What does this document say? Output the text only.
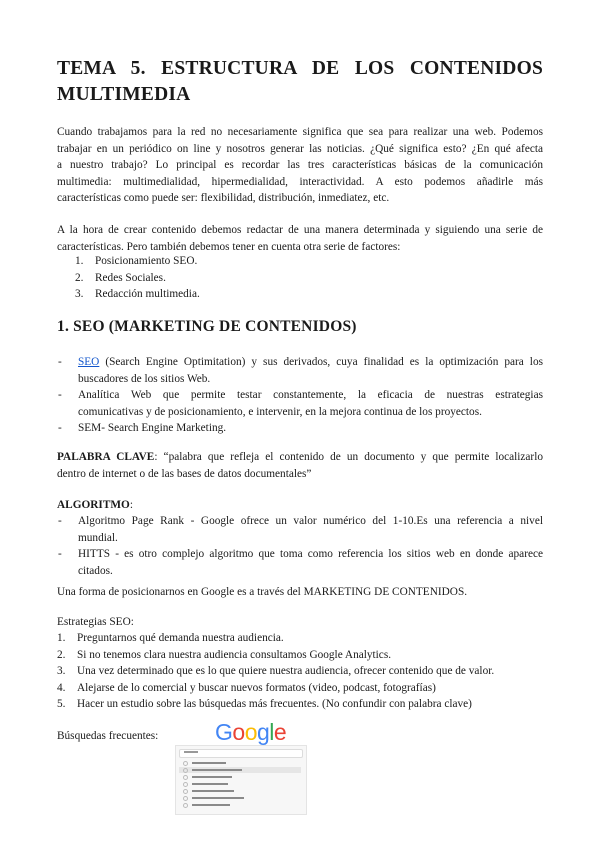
TEMA 5. ESTRUCTURA DE LOS CONTENIDOS
MULTIMEDIA
Cuando trabajamos para la red no necesariamente significa que sea para realizar una web. Podemos
trabajar en un periódico on line y nosotros generar las noticias. ¿Qué significa esto? ¿En qué afecta
a nuestro trabajo? Lo principal es recordar las tres características básicas de la comunicación
multimedia: multimedialidad, hipermedialidad, interactividad. A esto podemos añadirle más
características como puede ser: flexibilidad, distribución, inmediatez, etc.
A la hora de crear contenido debemos redactar de una manera determinada y siguiendo una serie de
características. Pero también debemos tener en cuenta otra serie de factores:
1.	Posicionamiento SEO.
2.	Redes Sociales.
3.	Redacción multimedia.
1. SEO (MARKETING DE CONTENIDOS)
- SEO (Search Engine Optimitation) y sus derivados, cuya finalidad es la optimización para los
buscadores de los sitios Web.
- Analítica Web que permite testar constantemente, la eficacia de nuestras estrategias
comunicativas y de posicionamiento, e intervenir, en la mejora continua de los proyectos.
- SEM- Search Engine Marketing.
PALABRA CLAVE: “palabra que refleja el contenido de un documento y que permite localizarlo
dentro de internet o de las bases de datos documentales”
ALGORITMO:
- Algoritmo Page Rank - Google ofrece un valor numérico del 1-10.Es una referencia a nivel
mundial.
- HITTS - es otro complejo algoritmo que toma como referencia los sitios web en donde aparece
citados.
Una forma de posicionarnos en Google es a través del MARKETING DE CONTENIDOS.
Estrategias SEO:
1.	Preguntarnos qué demanda nuestra audiencia.
2.	Si no tenemos clara nuestra audiencia consultamos Google Analytics.
3.	Una vez determinado que es lo que quiere nuestra audiencia, ofrecer contenido que de valor.
4.	Alejarse de lo comercial y buscar nuevos formatos (video, podcast, fotografías)
5.	Hacer un estudio sobre las búsquedas más frecuentes. (No confundir con palabra clave)
Búsquedas frecuentes:	Google
